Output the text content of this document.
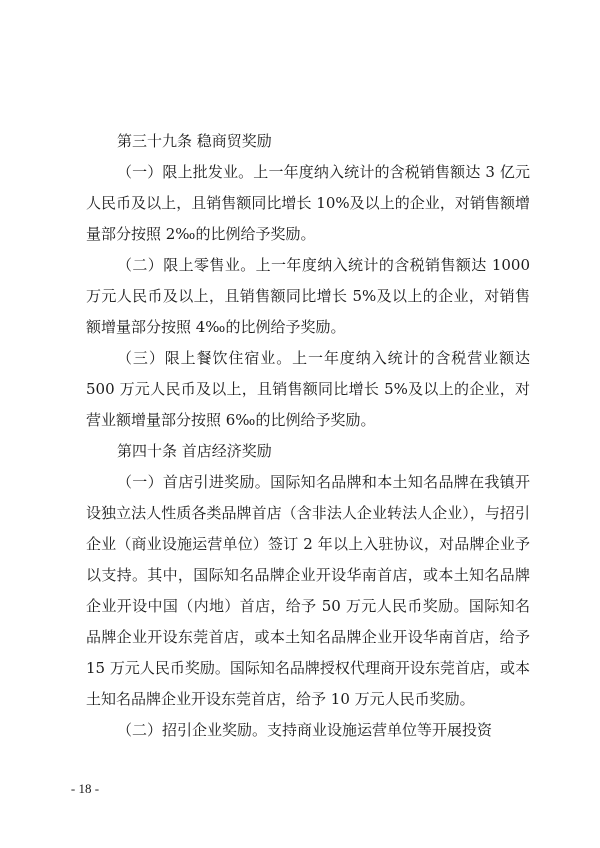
第三十九条 稳商贸奖励

（一）限上批发业。上一年度纳入统计的含税销售额达 3 亿元人民币及以上，且销售额同比增长 10%及以上的企业，对销售额增量部分按照 2‰的比例给予奖励。

（二）限上零售业。上一年度纳入统计的含税销售额达 1000 万元人民币及以上，且销售额同比增长 5%及以上的企业，对销售额增量部分按照 4‰的比例给予奖励。

（三）限上餐饮住宿业。上一年度纳入统计的含税营业额达 500 万元人民币及以上，且销售额同比增长 5%及以上的企业，对营业额增量部分按照 6‰的比例给予奖励。

第四十条 首店经济奖励

（一）首店引进奖励。国际知名品牌和本土知名品牌在我镇开设独立法人性质各类品牌首店（含非法人企业转法人企业），与招引企业（商业设施运营单位）签订 2 年以上入驻协议，对品牌企业予以支持。其中，国际知名品牌企业开设华南首店，或本土知名品牌企业开设中国（内地）首店，给予 50 万元人民币奖励。国际知名品牌企业开设东莞首店，或本土知名品牌企业开设华南首店，给予 15 万元人民币奖励。国际知名品牌授权代理商开设东莞首店，或本土知名品牌企业开设东莞首店，给予 10 万元人民币奖励。

（二）招引企业奖励。支持商业设施运营单位等开展投资

- 18 -
